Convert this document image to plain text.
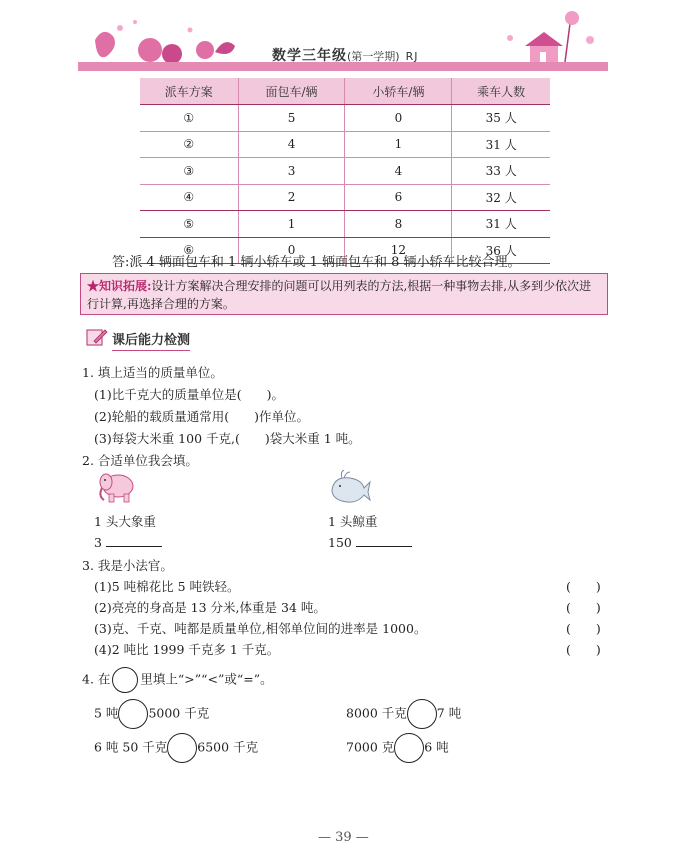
数学三年级(第一学期) RJ
派车方案	面包车/辆	小轿车/辆	乘车人数
①	5	0	35 人
②	4	1	31 人
③	3	4	33 人
④	2	6	32 人
⑤	1	8	31 人
⑥	0	12	36 人
答:派 4 辆面包车和 1 辆小轿车或 1 辆面包车和 8 辆小轿车比较合理。
★知识拓展:设计方案解决合理安排的问题可以用列表的方法,根据一种事物去排,从多到少依次进行计算,再选择合理的方案。
课后能力检测
1. 填上适当的质量单位。
(1)比千克大的质量单位是(　　)。
(2)轮船的载质量通常用(　　)作单位。
(3)每袋大米重 100 千克,(　　)袋大米重 1 吨。
2. 合适单位我会填。
1 头大象重	1 头鲸重
3	150
3. 我是小法官。
(1)5 吨棉花比 5 吨铁轻。	(　　)
(2)亮亮的身高是 13 分米,体重是 34 吨。	(　　)
(3)克、千克、吨都是质量单位,相邻单位间的进率是 1000。	(　　)
(4)2 吨比 1999 千克多 1 千克。	(　　)
4. 在 里填上“>”“<”或“=”。
5 吨 5000 千克	8000 千克 7 吨
6 吨 50 千克 6500 千克	7000 克 6 吨
— 39 —
